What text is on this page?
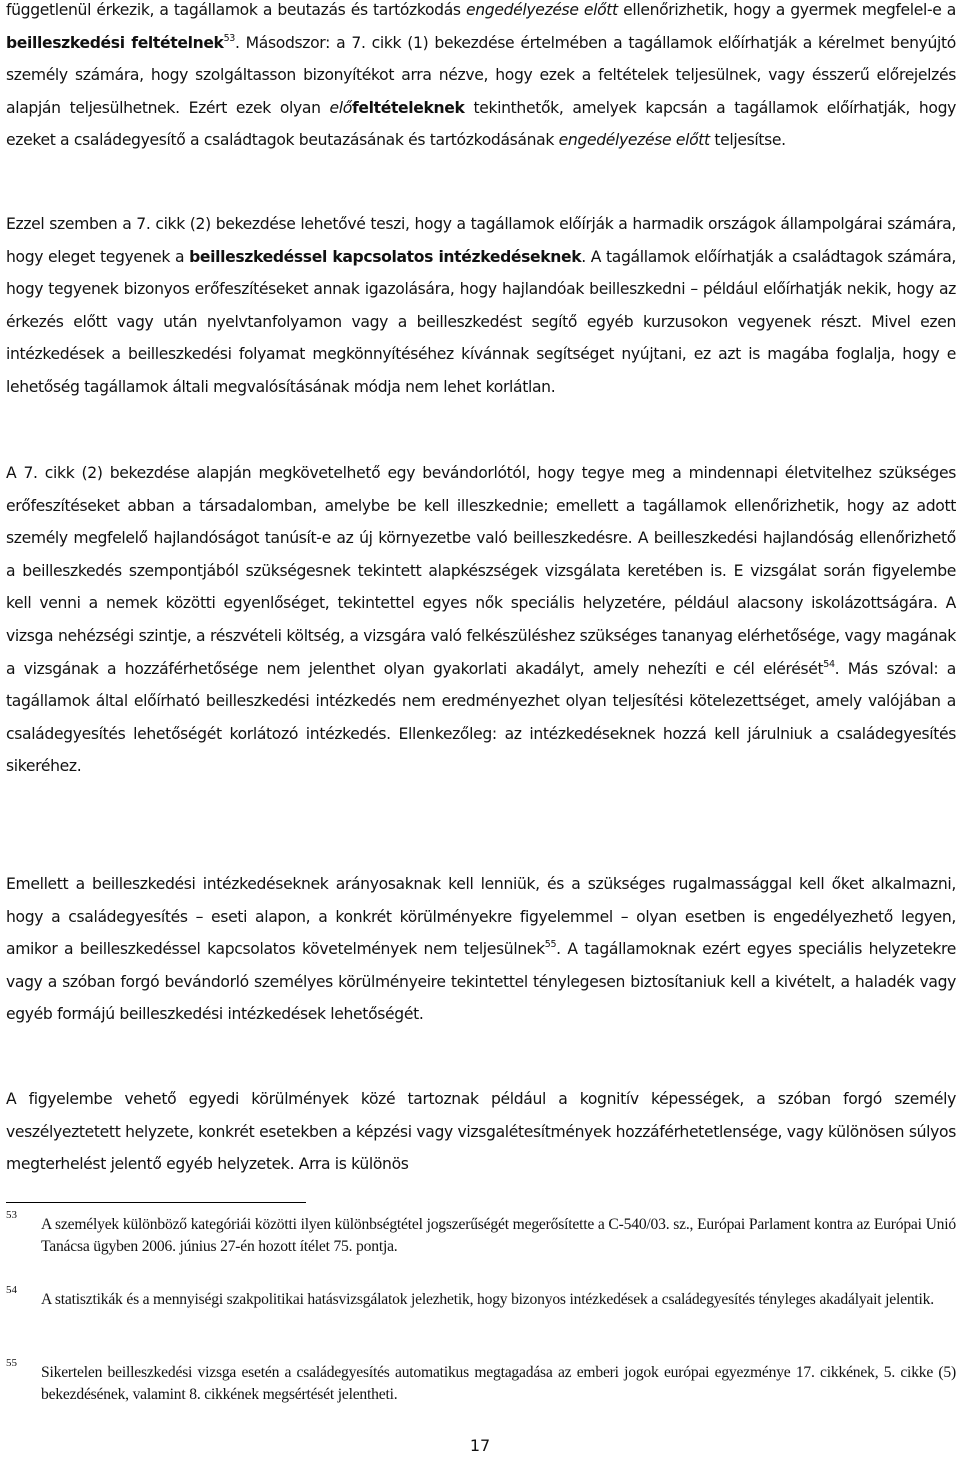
függetlenül érkezik, a tagállamok a beutazás és tartózkodás engedélyezése előtt ellenőrizhetik, hogy a gyermek megfelel-e a beilleszkedési feltételnek$^{53}$. Másodszor: a 7. cikk (1) bekezdése értelmében a tagállamok előírhatják a kérelmet benyújtó személy számára, hogy szolgáltasson bizonyítékot arra nézve, hogy ezek a feltételek teljesülnek, vagy ésszerű előrejelzés alapján teljesülhetnek. Ezért ezek olyan előfeltételeknek tekinthetők, amelyek kapcsán a tagállamok előírhatják, hogy ezeket a családegyesítő a családtagok beutazásának és tartózkodásának engedélyezése előtt teljesítse.

Ezzel szemben a 7. cikk (2) bekezdése lehetővé teszi, hogy a tagállamok előírják a harmadik országok állampolgárai számára, hogy eleget tegyenek a beilleszkedéssel kapcsolatos intézkedéseknek. A tagállamok előírhatják a családtagok számára, hogy tegyenek bizonyos erőfeszítéseket annak igazolására, hogy hajlandóak beilleszkedni – például előírhatják nekik, hogy az érkezés előtt vagy után nyelvtanfolyamon vagy a beilleszkedést segítő egyéb kurzusokon vegyenek részt. Mivel ezen intézkedések a beilleszkedési folyamat megkönnyítéséhez kívánnak segítséget nyújtani, ez azt is magába foglalja, hogy e lehetőség tagállamok általi megvalósításának módja nem lehet korlátlan.

A 7. cikk (2) bekezdése alapján megkövetelhető egy bevándorlótól, hogy tegye meg a mindennapi életvitelhez szükséges erőfeszítéseket abban a társadalomban, amelybe be kell illeszkednie; emellett a tagállamok ellenőrizhetik, hogy az adott személy megfelelő hajlandóságot tanúsít-e az új környezetbe való beilleszkedésre. A beilleszkedési hajlandóság ellenőrizhető a beilleszkedés szempontjából szükségesnek tekintett alapkészségek vizsgálata keretében is. E vizsgálat során figyelembe kell venni a nemek közötti egyenlőséget, tekintettel egyes nők speciális helyzetére, például alacsony iskolázottságára. A vizsga nehézségi szintje, a részvételi költség, a vizsgára való felkészüléshez szükséges tananyag elérhetősége, vagy magának a vizsgának a hozzáférhetősége nem jelenthet olyan gyakorlati akadályt, amely nehezíti e cél elérését$^{54}$. Más szóval: a tagállamok által előírható beilleszkedési intézkedés nem eredményezhet olyan teljesítési kötelezettséget, amely valójában a családegyesítés lehetőségét korlátozó intézkedés. Ellenkezőleg: az intézkedéseknek hozzá kell járulniuk a családegyesítés sikeréhez.

Emellett a beilleszkedési intézkedéseknek arányosaknak kell lenniük, és a szükséges rugalmassággal kell őket alkalmazni, hogy a családegyesítés – eseti alapon, a konkrét körülményekre figyelemmel – olyan esetben is engedélyezhető legyen, amikor a beilleszkedéssel kapcsolatos követelmények nem teljesülnek$^{55}$. A tagállamoknak ezért egyes speciális helyzetekre vagy a szóban forgó bevándorló személyes körülményeire tekintettel ténylegesen biztosítaniuk kell a kivételt, a haladék vagy egyéb formájú beilleszkedési intézkedések lehetőségét.

A figyelembe vehető egyedi körülmények közé tartoznak például a kognitív képességek, a szóban forgó személy veszélyeztetett helyzete, konkrét esetekben a képzési vagy vizsgalétesítmények hozzáférhetetlensége, vagy különösen súlyos megterhelést jelentő egyéb helyzetek. Arra is különös

53
A személyek különböző kategóriái közötti ilyen különbségtétel jogszerűségét megerősítette a C-540/03. sz., Európai Parlament kontra az Európai Unió Tanácsa ügyben 2006. június 27-én hozott ítélet 75. pontja.
54
A statisztikák és a mennyiségi szakpolitikai hatásvizsgálatok jelezhetik, hogy bizonyos intézkedések a családegyesítés tényleges akadályait jelentik.
55
Sikertelen beilleszkedési vizsga esetén a családegyesítés automatikus megtagadása az emberi jogok európai egyezménye 17. cikkének, 5. cikke (5) bekezdésének, valamint 8. cikkének megsértését jelentheti.
17
